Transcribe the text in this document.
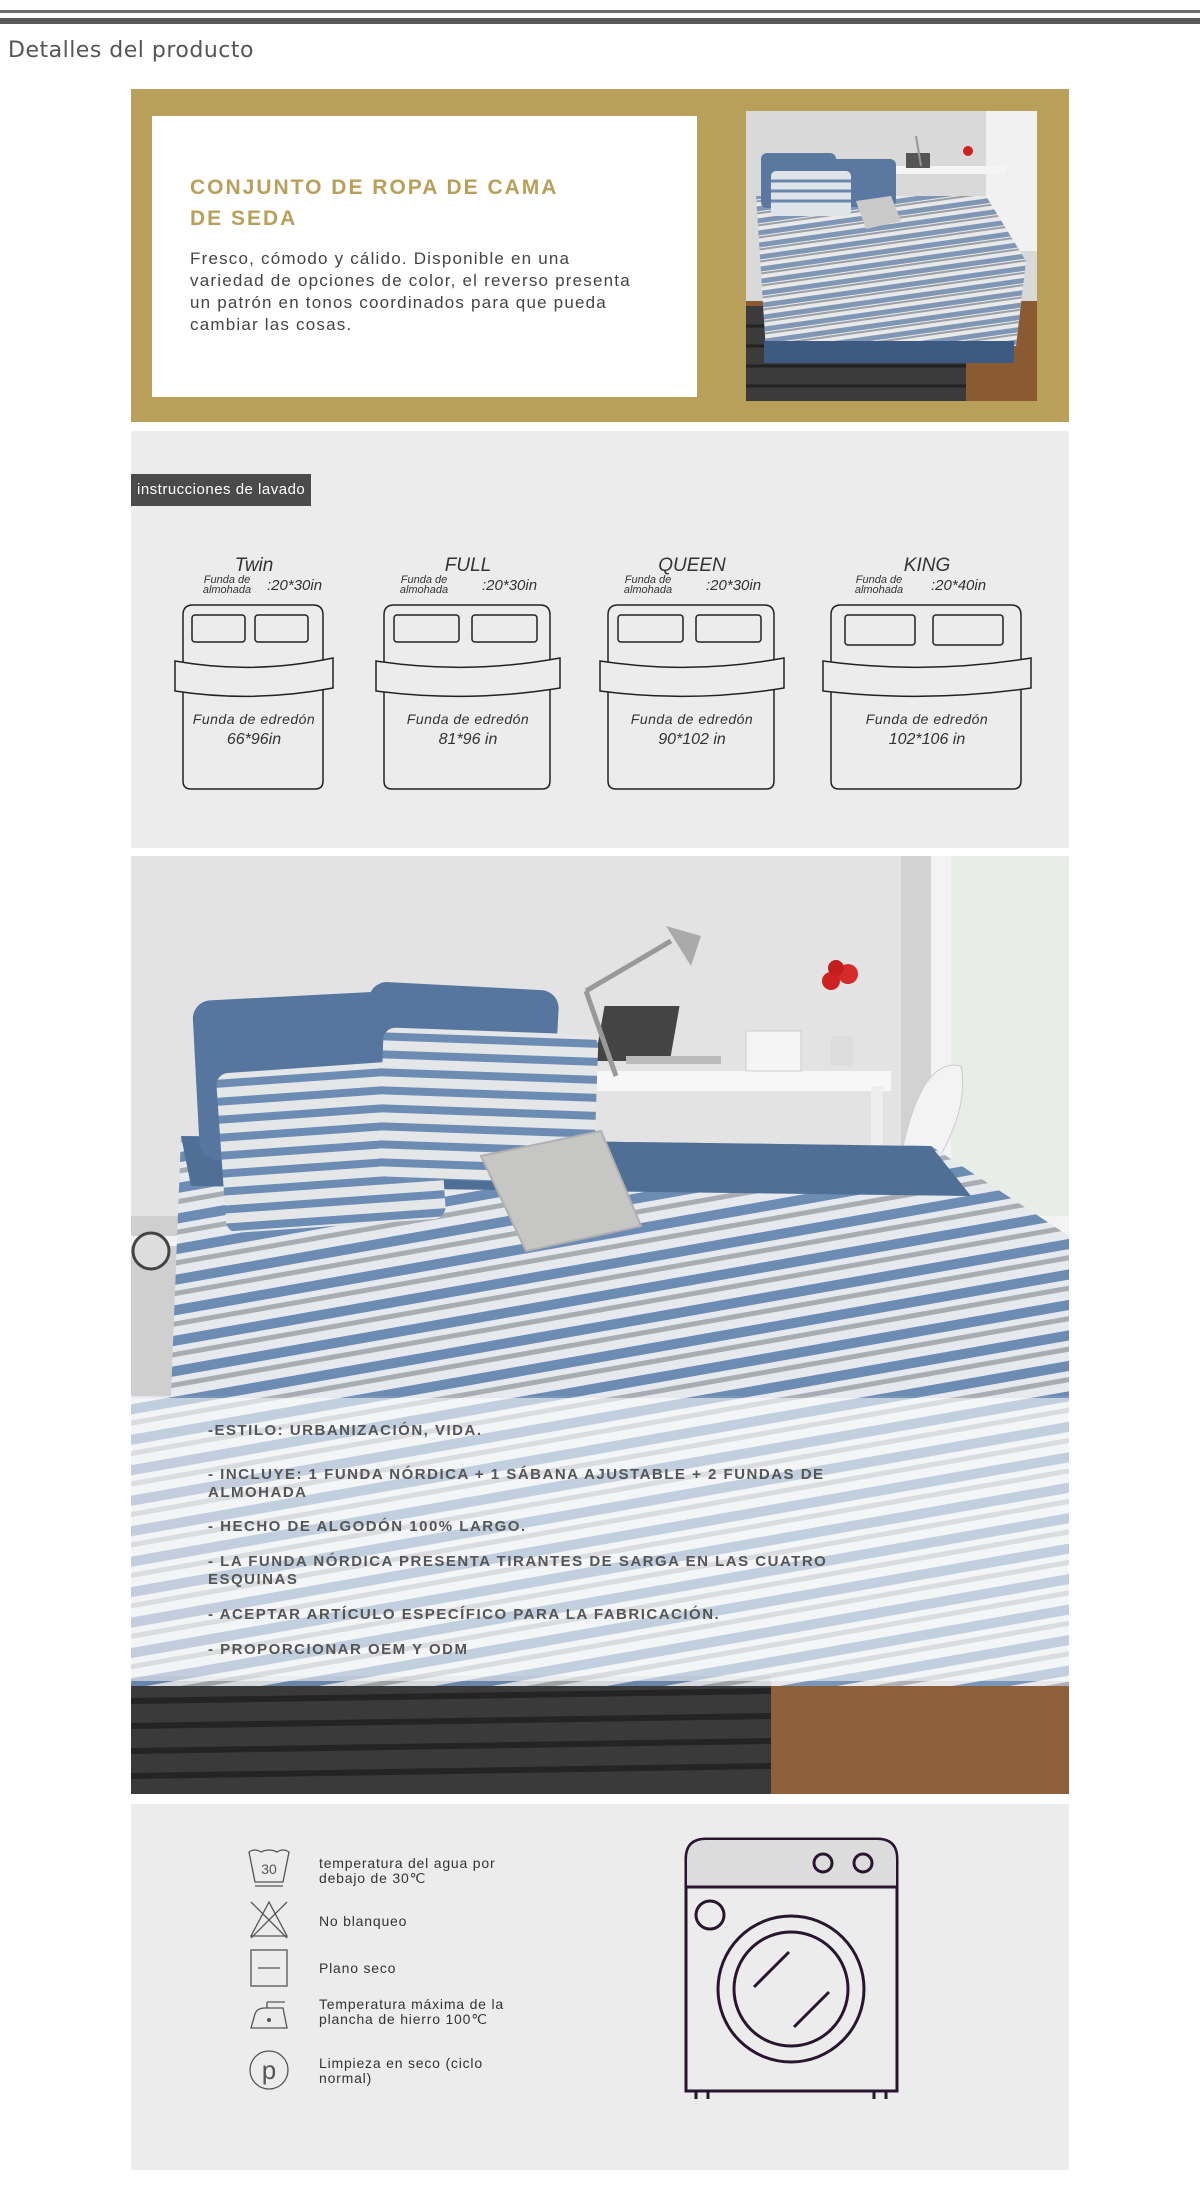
Detalles del producto
CONJUNTO DE ROPA DE CAMA DE SEDA
Fresco, cómodo y cálido. Disponible en una variedad de opciones de color, el reverso presenta un patrón en tonos coordinados para que pueda cambiar las cosas.
instrucciones de lavado
Twin
Funda de almohada	:20*30in
Funda de edredón
66*96in
FULL
Funda de almohada	:20*30in
Funda de edredón
81*96 in
QUEEN
Funda de almohada	:20*30in
Funda de edredón
90*102 in
KING
Funda de almohada	:20*40in
Funda de edredón
102*106 in
-ESTILO: URBANIZACIÓN, VIDA.
- INCLUYE: 1 FUNDA NÓRDICA + 1 SÁBANA AJUSTABLE + 2 FUNDAS DE ALMOHADA
- HECHO DE ALGODÓN 100% LARGO.
- LA FUNDA NÓRDICA PRESENTA TIRANTES DE SARGA EN LAS CUATRO ESQUINAS
- ACEPTAR ARTÍCULO ESPECÍFICO PARA LA FABRICACIÓN.
- PROPORCIONAR OEM Y ODM
30	temperatura del agua por debajo de 30℃
No blanqueo
Plano seco
Temperatura máxima de la plancha de hierro 100℃
p	Limpieza en seco (ciclo normal)
